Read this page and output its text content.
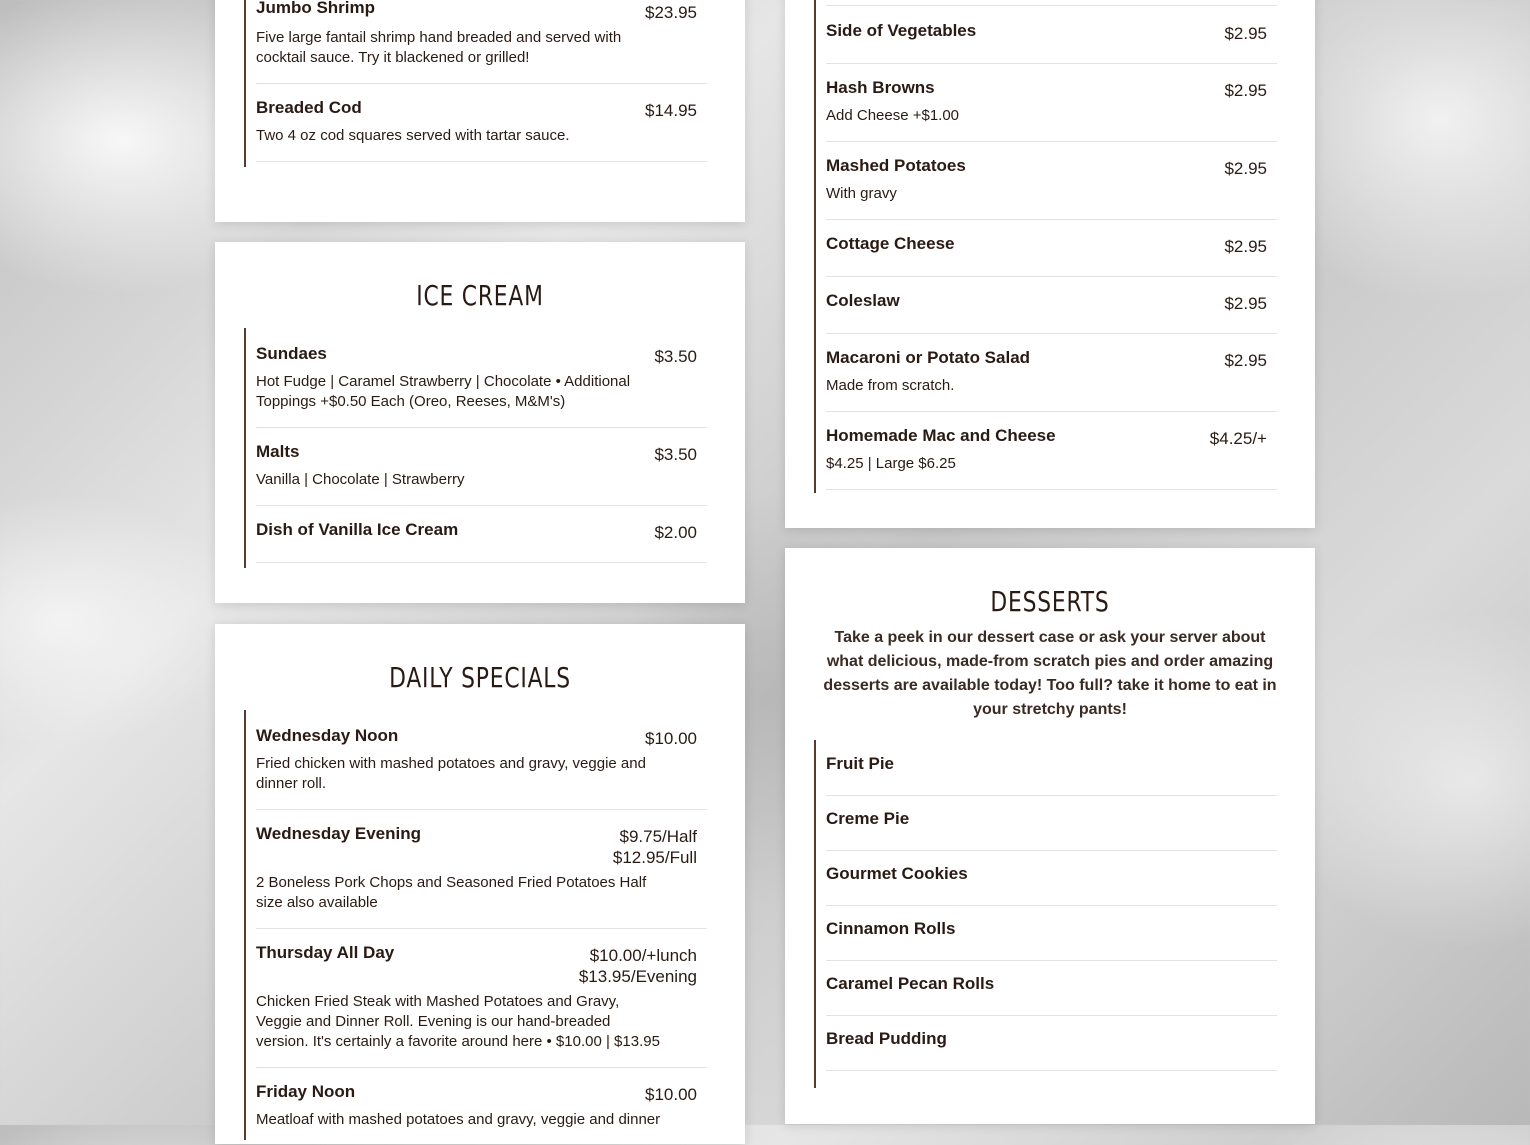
Jumbo Shrimp	$23.95
Five large fantail shrimp hand breaded and served with cocktail sauce. Try it blackened or grilled!
Breaded Cod	$14.95
Two 4 oz cod squares served with tartar sauce.
ICE CREAM
Sundaes	$3.50
Hot Fudge | Caramel Strawberry | Chocolate • Additional Toppings +$0.50 Each (Oreo, Reeses, M&M's)
Malts	$3.50
Vanilla | Chocolate | Strawberry
Dish of Vanilla Ice Cream	$2.00
DAILY SPECIALS
Wednesday Noon	$10.00
Fried chicken with mashed potatoes and gravy, veggie and dinner roll.
Wednesday Evening	$9.75/Half
$12.95/Full
2 Boneless Pork Chops and Seasoned Fried Potatoes Half size also available
Thursday All Day	$10.00/+lunch
$13.95/Evening
Chicken Fried Steak with Mashed Potatoes and Gravy, Veggie and Dinner Roll. Evening is our hand-breaded version. It's certainly a favorite around here • $10.00 | $13.95
Friday Noon	$10.00
Meatloaf with mashed potatoes and gravy, veggie and dinner
Side of Vegetables	$2.95
Hash Browns	$2.95
Add Cheese +$1.00
Mashed Potatoes	$2.95
With gravy
Cottage Cheese	$2.95
Coleslaw	$2.95
Macaroni or Potato Salad	$2.95
Made from scratch.
Homemade Mac and Cheese	$4.25/+
$4.25 | Large $6.25
DESSERTS
Take a peek in our dessert case or ask your server about what delicious, made-from scratch pies and order amazing desserts are available today! Too full? take it home to eat in your stretchy pants!
Fruit Pie
Creme Pie
Gourmet Cookies
Cinnamon Rolls
Caramel Pecan Rolls
Bread Pudding
